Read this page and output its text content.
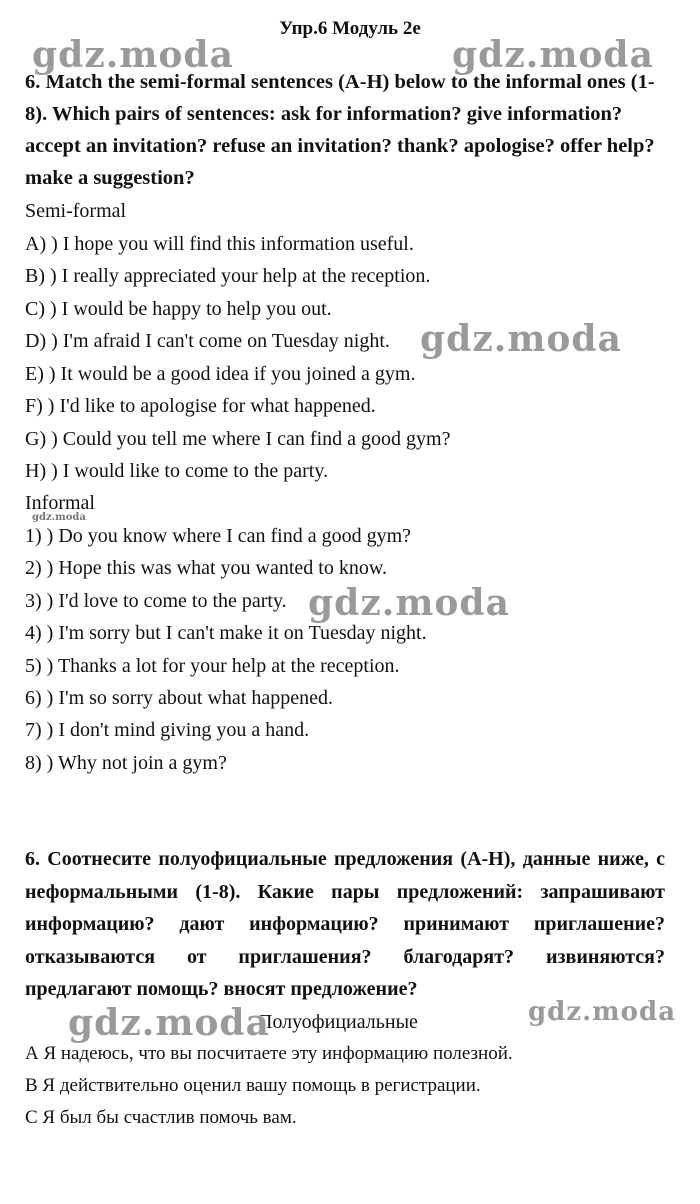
Упр.6 Модуль 2е
6. Match the semi-formal sentences (A-H) below to the informal ones (1-8). Which pairs of sentences: ask for information? give information? accept an invitation? refuse an invitation? thank? apologise? offer help? make a suggestion?
Semi-formal
A) ) I hope you will find this information useful.
B) ) I really appreciated your help at the reception.
C) ) I would be happy to help you out.
D) ) I'm afraid I can't come on Tuesday night.
E) ) It would be a good idea if you joined a gym.
F) ) I'd like to apologise for what happened.
G) ) Could you tell me where I can find a good gym?
H) ) I would like to come to the party.
Informal
1) ) Do you know where I can find a good gym?
2) ) Hope this was what you wanted to know.
3) ) I'd love to come to the party.
4) ) I'm sorry but I can't make it on Tuesday night.
5) ) Thanks a lot for your help at the reception.
6) ) I'm so sorry about what happened.
7) ) I don't mind giving you a hand.
8) ) Why not join a gym?
6. Соотнесите полуофициальные предложения (A-H), данные ниже, с неформальными (1-8). Какие пары предложений: запрашивают информацию? дают информацию? принимают приглашение? отказываются от приглашения? благодарят? извиняются? предлагают помощь? вносят предложение?
Полуофициальные
А Я надеюсь, что вы посчитаете эту информацию полезной.
В Я действительно оценил вашу помощь в регистрации.
С Я был бы счастлив помочь вам.
gdz.moda	gdz.moda
gdz.moda
gdz.moda
gdz.moda
gdz.moda	gdz.moda
